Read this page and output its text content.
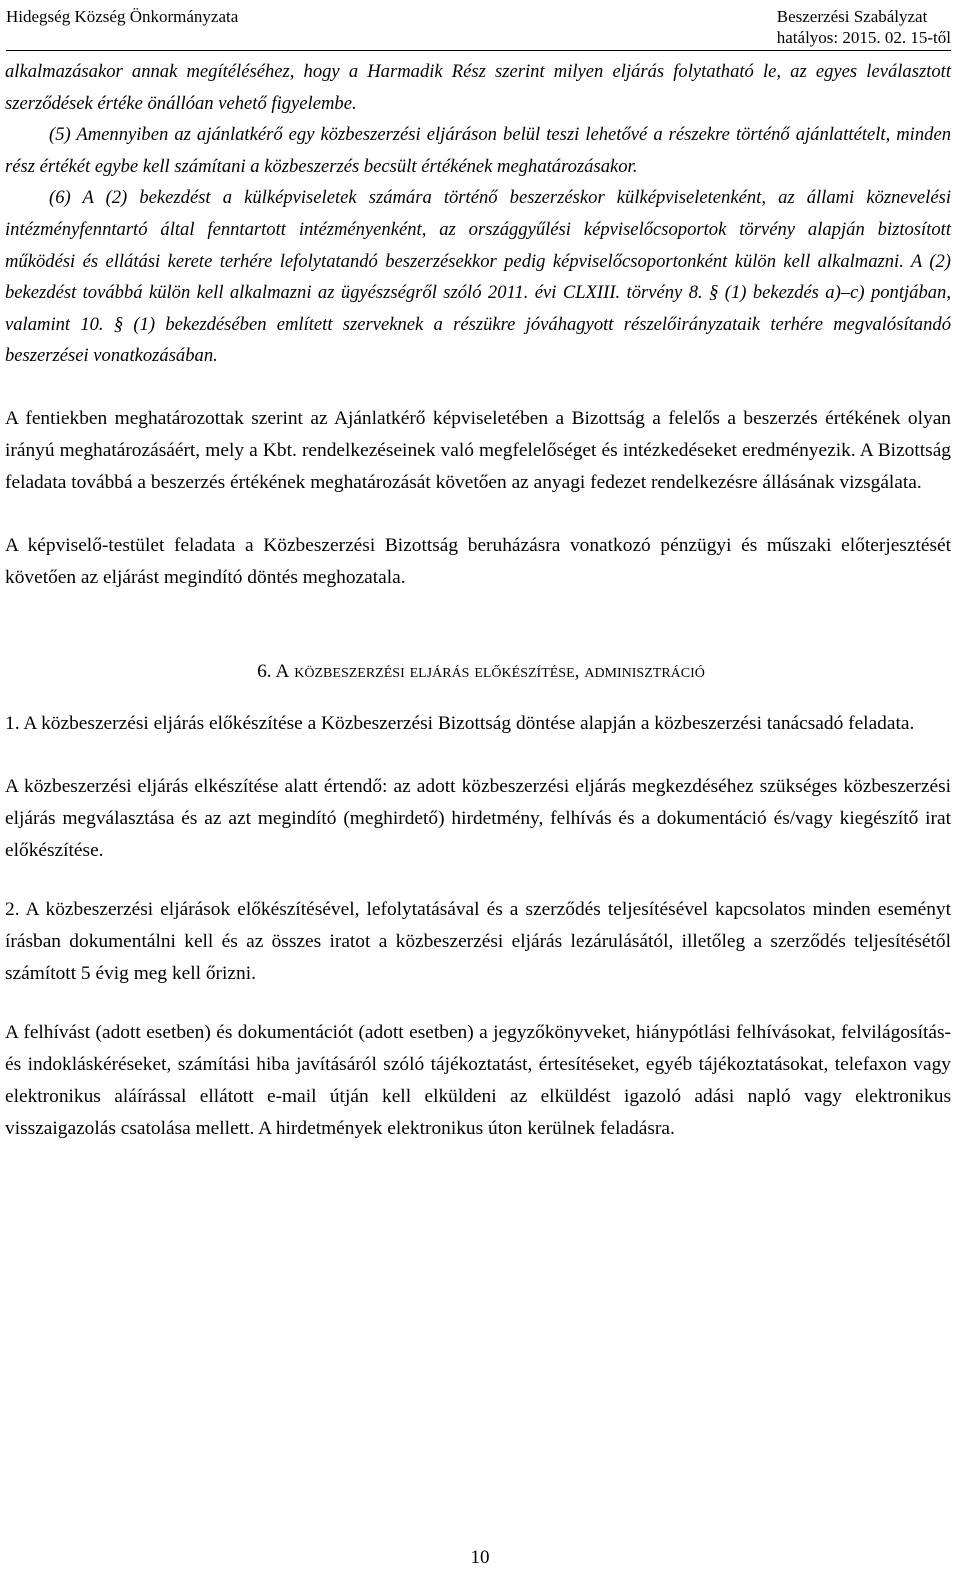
Hidegség Község Önkormányzata	Beszerzési Szabályzat
hatályos: 2015. 02. 15-től

alkalmazásakor annak megítéléséhez, hogy a Harmadik Rész szerint milyen eljárás folytatható le, az egyes leválasztott szerződések értéke önállóan vehető figyelembe.

(5) Amennyiben az ajánlatkérő egy közbeszerzési eljáráson belül teszi lehetővé a részekre történő ajánlattételt, minden rész értékét egybe kell számítani a közbeszerzés becsült értékének meghatározásakor.

(6) A (2) bekezdést a külképviseletek számára történő beszerzéskor külképviseletenként, az állami köznevelési intézményfenntartó által fenntartott intézményenként, az országgyűlési képviselőcsoportok törvény alapján biztosított működési és ellátási kerete terhére lefolytatandó beszerzésekkor pedig képviselőcsoportonként külön kell alkalmazni. A (2) bekezdést továbbá külön kell alkalmazni az ügyészségről szóló 2011. évi CLXIII. törvény 8. § (1) bekezdés a)–c) pontjában, valamint 10. § (1) bekezdésében említett szerveknek a részükre jóváhagyott részelőirányzataik terhére megvalósítandó beszerzései vonatkozásában.

A fentiekben meghatározottak szerint az Ajánlatkérő képviseletében a Bizottság a felelős a beszerzés értékének olyan irányú meghatározásáért, mely a Kbt. rendelkezéseinek való megfelelőséget és intézkedéseket eredményezik. A Bizottság feladata továbbá a beszerzés értékének meghatározását követően az anyagi fedezet rendelkezésre állásának vizsgálata.

A képviselő-testület feladata a Közbeszerzési Bizottság beruházásra vonatkozó pénzügyi és műszaki előterjesztését követően az eljárást megindító döntés meghozatala.

6. A közbeszerzési eljárás előkészítése, adminisztráció

1. A közbeszerzési eljárás előkészítése a Közbeszerzési Bizottság döntése alapján a közbeszerzési tanácsadó feladata.

A közbeszerzési eljárás elkészítése alatt értendő: az adott közbeszerzési eljárás megkezdéséhez szükséges közbeszerzési eljárás megválasztása és az azt megindító (meghirdető) hirdetmény, felhívás és a dokumentáció és/vagy kiegészítő irat előkészítése.

2. A közbeszerzési eljárások előkészítésével, lefolytatásával és a szerződés teljesítésével kapcsolatos minden eseményt írásban dokumentálni kell és az összes iratot a közbeszerzési eljárás lezárulásától, illetőleg a szerződés teljesítésétől számított 5 évig meg kell őrizni.

A felhívást (adott esetben) és dokumentációt (adott esetben) a jegyzőkönyveket, hiánypótlási felhívásokat, felvilágosítás- és indokláskéréseket, számítási hiba javításáról szóló tájékoztatást, értesítéseket, egyéb tájékoztatásokat, telefaxon vagy elektronikus aláírással ellátott e-mail útján kell elküldeni az elküldést igazoló adási napló vagy elektronikus visszaigazolás csatolása mellett. A hirdetmények elektronikus úton kerülnek feladásra.

10
